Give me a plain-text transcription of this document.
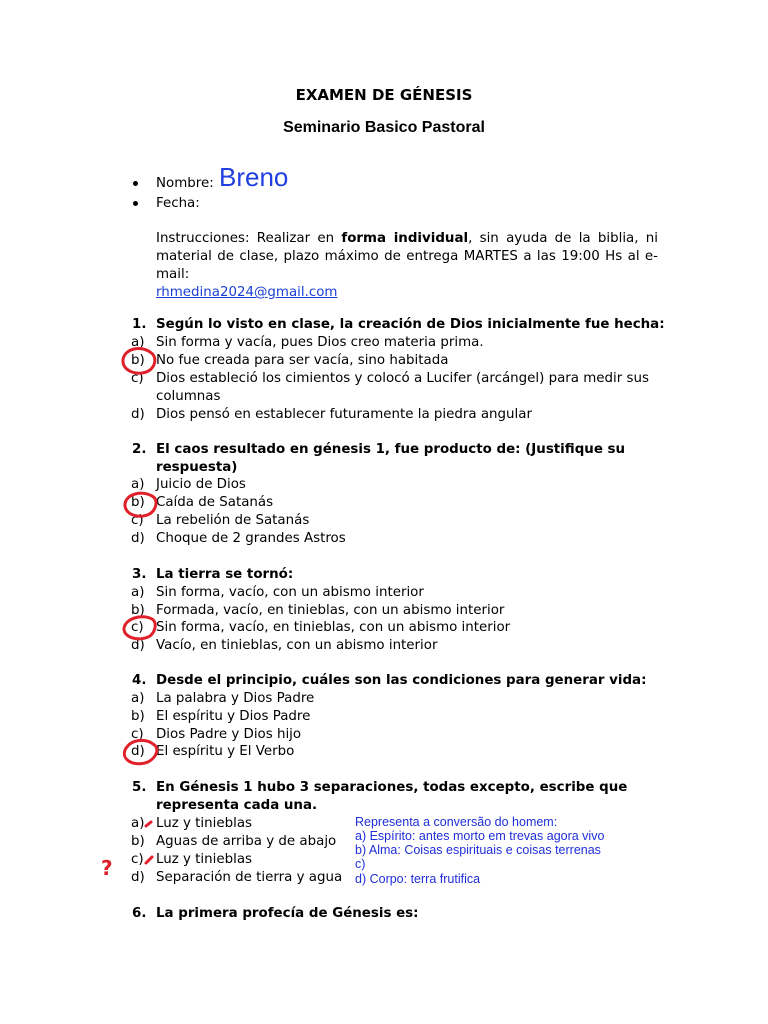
EXAMEN DE GÉNESIS
Seminario Basico Pastoral
Nombre: Breno
Fecha:
Instrucciones: Realizar en forma individual, sin ayuda de la biblia, ni material de clase, plazo máximo de entrega MARTES a las 19:00 Hs al e-mail:
rhmedina2024@gmail.com
1. Según lo visto en clase, la creación de Dios inicialmente fue hecha:
a) Sin forma y vacía, pues Dios creo materia prima.
b) No fue creada para ser vacía, sino habitada
c) Dios estableció los cimientos y colocó a Lucifer (arcángel) para medir sus
columnas
d) Dios pensó en establecer futuramente la piedra angular
2. El caos resultado en génesis 1, fue producto de: (Justifique su
respuesta)
a) Juicio de Dios
b) Caída de Satanás
c) La rebelión de Satanás
d) Choque de 2 grandes Astros
3. La tierra se tornó:
a) Sin forma, vacío, con un abismo interior
b) Formada, vacío, en tinieblas, con un abismo interior
c) Sin forma, vacío, en tinieblas, con un abismo interior
d) Vacío, en tinieblas, con un abismo interior
4. Desde el principio, cuáles son las condiciones para generar vida:
a) La palabra y Dios Padre
b) El espíritu y Dios Padre
c) Dios Padre y Dios hijo
d) El espíritu y El Verbo
5. En Génesis 1 hubo 3 separaciones, todas excepto, escribe que
representa cada una.
a) Luz y tinieblas
b) Aguas de arriba y de abajo
c) Luz y tinieblas
d) Separación de tierra y agua
Representa a conversão do homem:
a) Espírito: antes morto em trevas agora vivo
b) Alma: Coisas espirituais e coisas terrenas
c)
d) Corpo: terra frutifica
6. La primera profecía de Génesis es:
?
